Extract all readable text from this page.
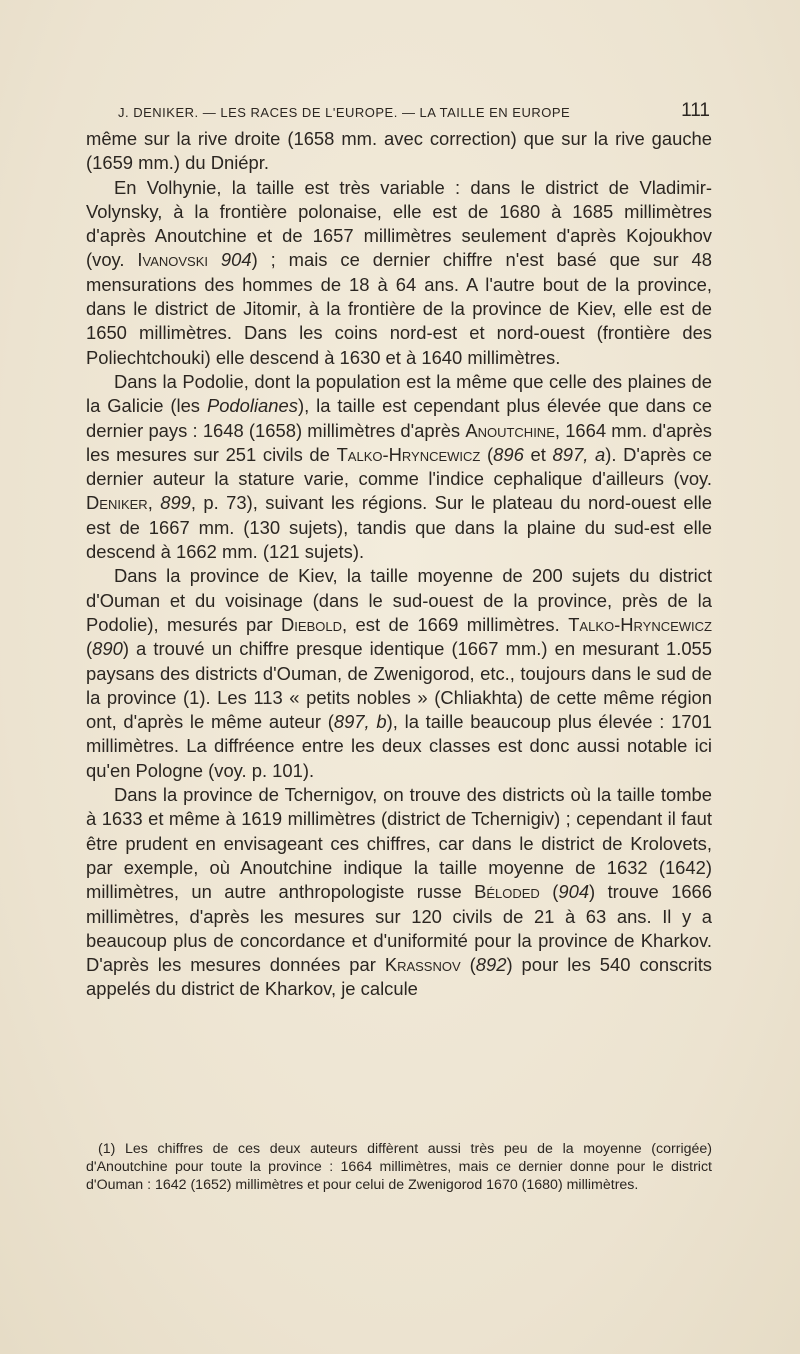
J. DENIKER. — LES RACES DE L'EUROPE. — LA TAILLE EN EUROPE	111

même sur la rive droite (1658 mm. avec correction) que sur la rive gauche (1659 mm.) du Dniépr.

En Volhynie, la taille est très variable : dans le district de Vladimir-Volynsky, à la frontière polonaise, elle est de 1680 à 1685 millimètres d'après Anoutchine et de 1657 millimètres seulement d'après Kojoukhov (voy. Ivanovski 904) ; mais ce dernier chiffre n'est basé que sur 48 mensurations des hommes de 18 à 64 ans. A l'autre bout de la province, dans le district de Jitomir, à la frontière de la province de Kiev, elle est de 1650 millimètres. Dans les coins nord-est et nord-ouest (frontière des Poliechtchouki) elle descend à 1630 et à 1640 millimètres.

Dans la Podolie, dont la population est la même que celle des plaines de la Galicie (les Podolianes), la taille est cependant plus élevée que dans ce dernier pays : 1648 (1658) millimètres d'après Anoutchine, 1664 mm. d'après les mesures sur 251 civils de Talko-Hryncewicz (896 et 897, a). D'après ce dernier auteur la stature varie, comme l'indice cephalique d'ailleurs (voy. Deniker, 899, p. 73), suivant les régions. Sur le plateau du nord-ouest elle est de 1667 mm. (130 sujets), tandis que dans la plaine du sud-est elle descend à 1662 mm. (121 sujets).

Dans la province de Kiev, la taille moyenne de 200 sujets du district d'Ouman et du voisinage (dans le sud-ouest de la province, près de la Podolie), mesurés par Diebold, est de 1669 millimètres. Talko-Hryncewicz (890) a trouvé un chiffre presque identique (1667 mm.) en mesurant 1.055 paysans des districts d'Ouman, de Zwenigorod, etc., toujours dans le sud de la province (1). Les 113 « petits nobles » (Chliakhta) de cette même région ont, d'après le même auteur (897, b), la taille beaucoup plus élevée : 1701 millimètres. La diffréence entre les deux classes est donc aussi notable ici qu'en Pologne (voy. p. 101).

Dans la province de Tchernigov, on trouve des districts où la taille tombe à 1633 et même à 1619 millimètres (district de Tchernigiv) ; cependant il faut être prudent en envisageant ces chiffres, car dans le district de Krolovets, par exemple, où Anoutchine indique la taille moyenne de 1632 (1642) millimètres, un autre anthropologiste russe Béloded (904) trouve 1666 millimètres, d'après les mesures sur 120 civils de 21 à 63 ans. Il y a beaucoup plus de concordance et d'uniformité pour la province de Kharkov. D'après les mesures données par Krassnov (892) pour les 540 conscrits appelés du district de Kharkov, je calcule

(1) Les chiffres de ces deux auteurs diffèrent aussi très peu de la moyenne (corrigée) d'Anoutchine pour toute la province : 1664 millimètres, mais ce dernier donne pour le district d'Ouman : 1642 (1652) millimètres et pour celui de Zwenigorod 1670 (1680) millimètres.
